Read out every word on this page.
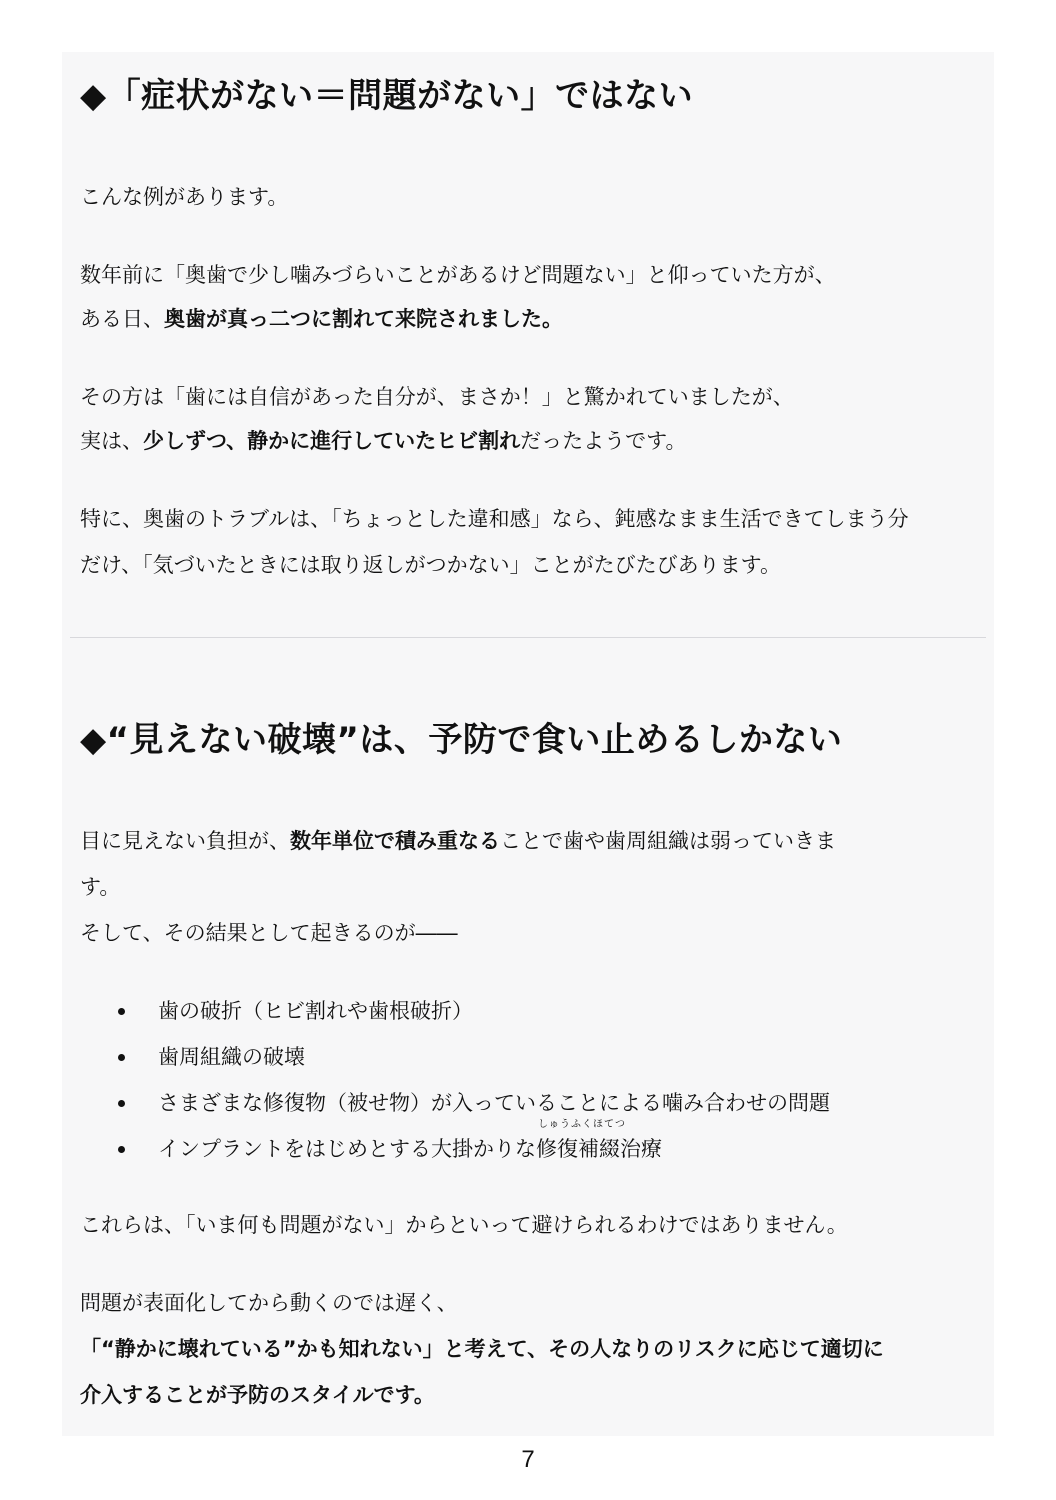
◆「症状がない＝問題がない」ではない

こんな例があります。

数年前に「奥歯で少し噛みづらいことがあるけど問題ない」と仰っていた方が、

ある日、奥歯が真っ二つに割れて来院されました。

その方は「歯には自信があった自分が、まさか！」と驚かれていましたが、

実は、少しずつ、静かに進行していたヒビ割れだったようです。

特に、奥歯のトラブルは、「ちょっとした違和感」なら、鈍感なまま生活できてしまう分

だけ、「気づいたときには取り返しがつかない」ことがたびたびあります。

◆“見えない破壊”は、予防で食い止めるしかない

目に見えない負担が、数年単位で積み重なることで歯や歯周組織は弱っていきま

す。

そして、その結果として起きるのが――

歯の破折（ヒビ割れや歯根破折）
歯周組織の破壊
さまざまな修復物（被せ物）が入っていることによる噛み合わせの問題
インプラントをはじめとする大掛かりな
しゅうふくほてつ
修復補綴治療

これらは、「いま何も問題がない」からといって避けられるわけではありません。

問題が表面化してから動くのでは遅く、

「“静かに壊れている”かも知れない」と考えて、その人なりのリスクに応じて適切に

介入することが予防のスタイルです。

7
